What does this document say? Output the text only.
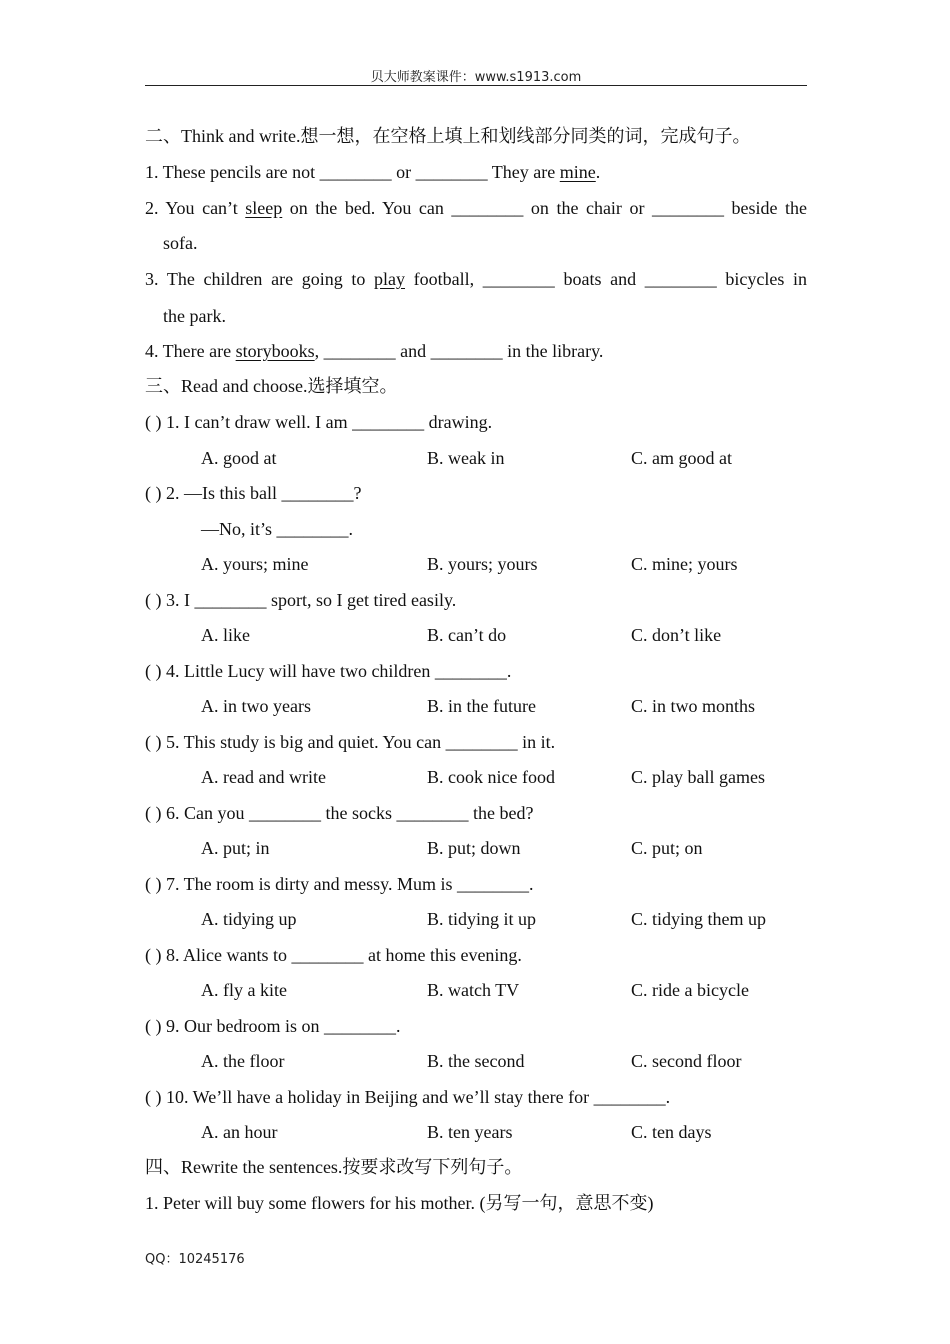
贝大师教案课件：www.s1913.com
二、Think and write.想一想，在空格上填上和划线部分同类的词，完成句子。
1. These pencils are not ________ or ________ They are mine.
2. You can’t sleep on the bed. You can ________ on the chair or ________ beside the
sofa.
3. The children are going to play football, ________ boats and ________ bicycles in
the park.
4. There are storybooks, ________ and ________ in the library.
三、Read and choose.选择填空。
( ) 1. I can’t draw well. I am ________ drawing.
A. good at	B. weak in	C. am good at
( ) 2. —Is this ball ________?
—No, it’s ________.
A. yours; mine	B. yours; yours	C. mine; yours
( ) 3. I ________ sport, so I get tired easily.
A. like	B. can’t do	C. don’t like
( ) 4. Little Lucy will have two children ________.
A. in two years	B. in the future	C. in two months
( ) 5. This study is big and quiet. You can ________ in it.
A. read and write	B. cook nice food	C. play ball games
( ) 6. Can you ________ the socks ________ the bed?
A. put; in	B. put; down	C. put; on
( ) 7. The room is dirty and messy. Mum is ________.
A. tidying up	B. tidying it up	C. tidying them up
( ) 8. Alice wants to ________ at home this evening.
A. fly a kite	B. watch TV	C. ride a bicycle
( ) 9. Our bedroom is on ________.
A. the floor	B. the second	C. second floor
( ) 10. We’ll have a holiday in Beijing and we’ll stay there for ________.
A. an hour	B. ten years	C. ten days
四、Rewrite the sentences.按要求改写下列句子。
1. Peter will buy some flowers for his mother. (另写一句，意思不变)
QQ：10245176
